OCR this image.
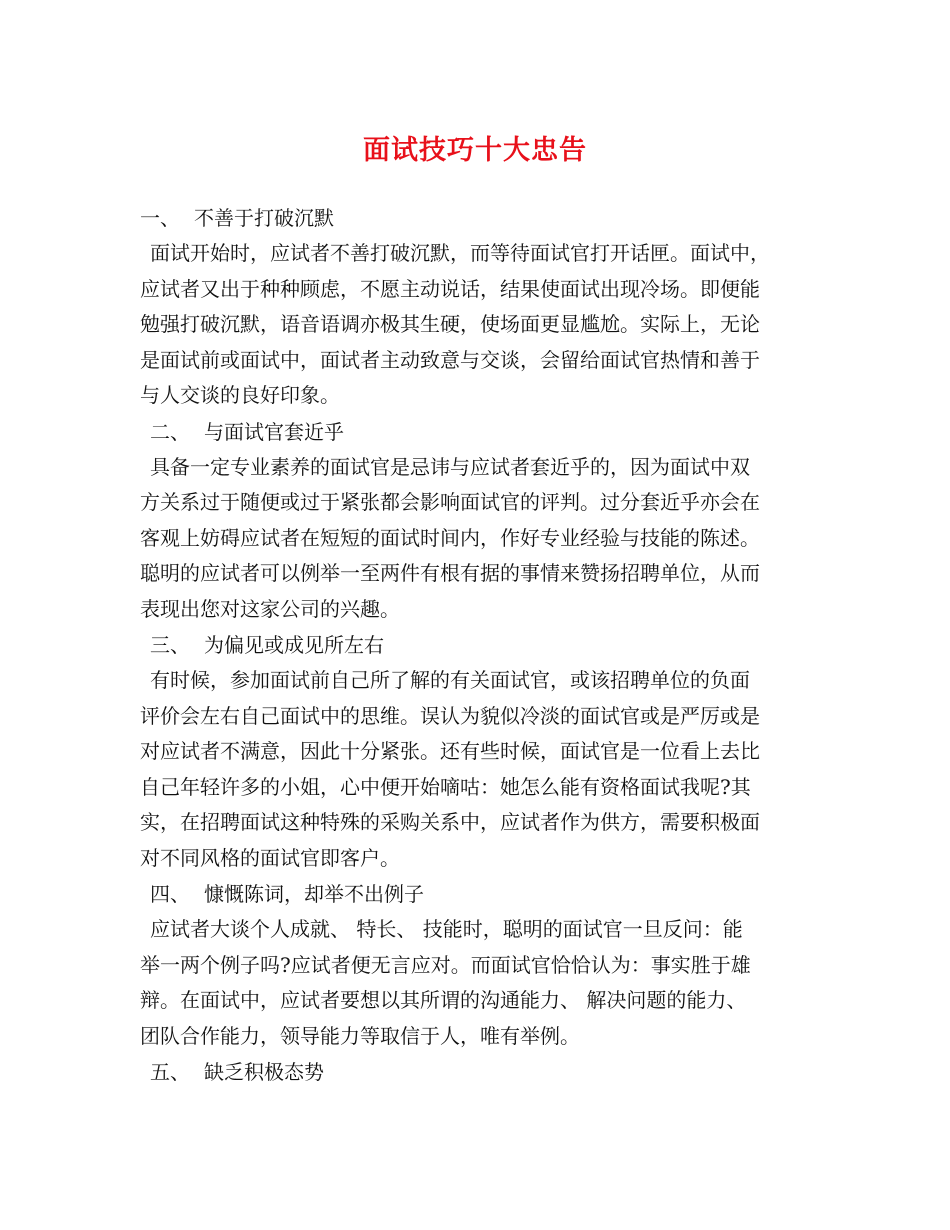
面试技巧十大忠告
一、 不善于打破沉默
面试开始时，应试者不善打破沉默，而等待面试官打开话匣。面试中，
应试者又出于种种顾虑，不愿主动说话，结果使面试出现冷场。即便能
勉强打破沉默，语音语调亦极其生硬，使场面更显尴尬。实际上，无论
是面试前或面试中，面试者主动致意与交谈，会留给面试官热情和善于
与人交谈的良好印象。
二、 与面试官套近乎
具备一定专业素养的面试官是忌讳与应试者套近乎的，因为面试中双
方关系过于随便或过于紧张都会影响面试官的评判。过分套近乎亦会在
客观上妨碍应试者在短短的面试时间内，作好专业经验与技能的陈述。
聪明的应试者可以例举一至两件有根有据的事情来赞扬招聘单位，从而
表现出您对这家公司的兴趣。
三、 为偏见或成见所左右
有时候，参加面试前自己所了解的有关面试官，或该招聘单位的负面
评价会左右自己面试中的思维。误认为貌似冷淡的面试官或是严厉或是
对应试者不满意，因此十分紧张。还有些时候，面试官是一位看上去比
自己年轻许多的小姐，心中便开始嘀咕：她怎么能有资格面试我呢?其
实，在招聘面试这种特殊的采购关系中，应试者作为供方，需要积极面
对不同风格的面试官即客户。
四、 慷慨陈词，却举不出例子
应试者大谈个人成就、 特长、 技能时，聪明的面试官一旦反问：能
举一两个例子吗?应试者便无言应对。而面试官恰恰认为：事实胜于雄
辩。在面试中，应试者要想以其所谓的沟通能力、 解决问题的能力、
团队合作能力，领导能力等取信于人，唯有举例。
五、 缺乏积极态势
